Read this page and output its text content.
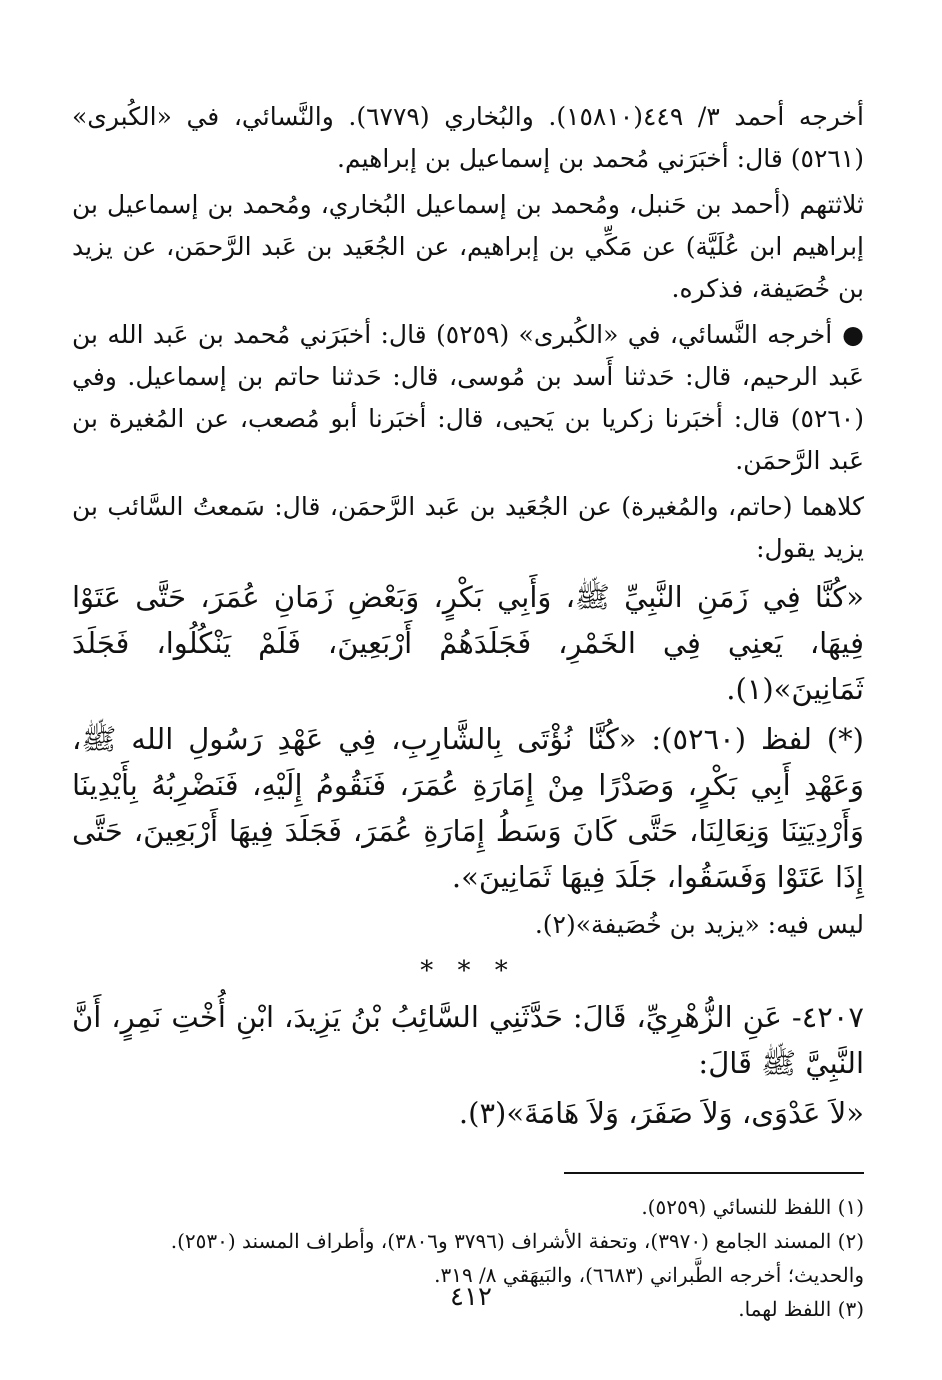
أخرجه أحمد ٣/ ٤٤٩(١٥٨١٠). والبُخاري (٦٧٧٩). والنَّسائي، في «الكُبرى» (٥٢٦١) قال: أخبَرَني مُحمد بن إسماعيل بن إبراهيم.

ثلاثتهم (أحمد بن حَنبل، ومُحمد بن إسماعيل البُخاري، ومُحمد بن إسماعيل بن إبراهيم ابن عُلَيَّة) عن مَكِّي بن إبراهيم، عن الجُعَيد بن عَبد الرَّحمَن، عن يزيد بن خُصَيفة، فذكره.

●أخرجه النَّسائي، في «الكُبرى» (٥٢٥٩) قال: أخبَرَني مُحمد بن عَبد الله بن عَبد الرحيم، قال: حَدثنا أَسد بن مُوسى، قال: حَدثنا حاتم بن إسماعيل. وفي (٥٢٦٠) قال: أخبَرنا زكريا بن يَحيى، قال: أخبَرنا أبو مُصعب، عن المُغيرة بن عَبد الرَّحمَن.

كلاهما (حاتم، والمُغيرة) عن الجُعَيد بن عَبد الرَّحمَن، قال: سَمعتُ السَّائب بن يزيد يقول:

«كُنَّا فِي زَمَنِ النَّبِيِّ ﷺ، وَأَبِي بَكْرٍ، وَبَعْضِ زَمَانِ عُمَرَ، حَتَّى عَتَوْا فِيهَا، يَعنِي فِي الخَمْرِ، فَجَلَدَهُمْ أَرْبَعِينَ، فَلَمْ يَنْكُلُوا، فَجَلَدَ ثَمَانِينَ»(١).

(*) لفظ (٥٢٦٠): «كُنَّا نُؤْتَى بِالشَّارِبِ، فِي عَهْدِ رَسُولِ الله ﷺ، وَعَهْدِ أَبِي بَكْرٍ، وَصَدْرًا مِنْ إِمَارَةِ عُمَرَ، فَنَقُومُ إِلَيْهِ، فَنَضْرِبُهُ بِأَيْدِينَا وَأَرْدِيَتِنَا وَنِعَالِنَا، حَتَّى كَانَ وَسَطُ إِمَارَةِ عُمَرَ، فَجَلَدَ فِيهَا أَرْبَعِينَ، حَتَّى إِذَا عَتَوْا وَفَسَقُوا، جَلَدَ فِيهَا ثَمَانِينَ».

ليس فيه: «يزيد بن خُصَيفة»(٢).

* * *

٤٢٠٧- عَنِ الزُّهْرِيِّ، قَالَ: حَدَّثَنِي السَّائِبُ بْنُ يَزِيدَ، ابْنِ أُخْتِ نَمِرٍ، أَنَّ النَّبِيَّ ﷺ قَالَ:

«لاَ عَدْوَى، وَلاَ صَفَرَ، وَلاَ هَامَةَ»(٣).

(١) اللفظ للنسائي (٥٢٥٩).

(٢) المسند الجامع (٣٩٧٠)، وتحفة الأشراف (٣٧٩٦ و٣٨٠٦)، وأطراف المسند (٢٥٣٠).

والحديث؛ أخرجه الطَّبراني (٦٦٨٣)، والبَيهَقي ٨/ ٣١٩.

(٣) اللفظ لهما.

٤١٢
